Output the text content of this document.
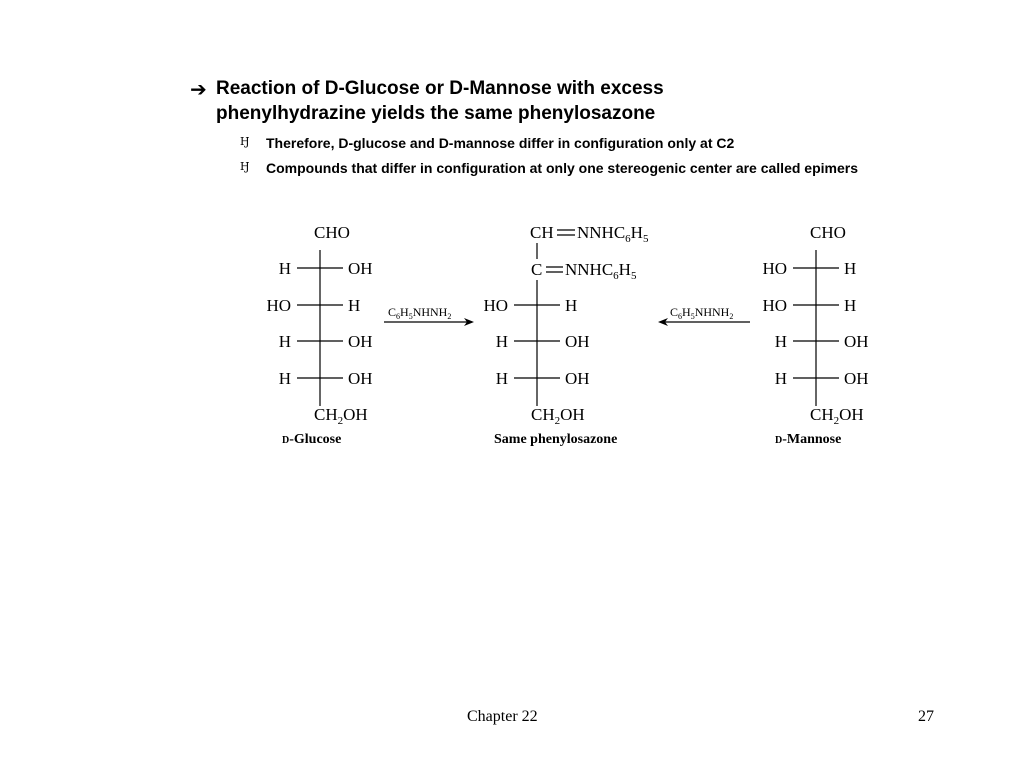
➔ Reaction of D-Glucose or D-Mannose with excess phenylhydrazine yields the same phenylosazone
Ӈ Therefore, D-glucose and D-mannose differ in configuration only at C2
Ӈ Compounds that differ in configuration at only one stereogenic center are called epimers
CHO
H	OH
HO	H
H	OH
H	OH
$CH_2OH$
D-Glucose
$C_6H_5NHNH_2$
CH $NNHC_6H_5$
C $NNHC_6H_5$
HO	H
H	OH
H	OH
$CH_2OH$
Same phenylosazone
$C_6H_5NHNH_2$
CHO
HO	H
HO	H
H	OH
H	OH
$CH_2OH$
D-Mannose
Chapter 22	27
